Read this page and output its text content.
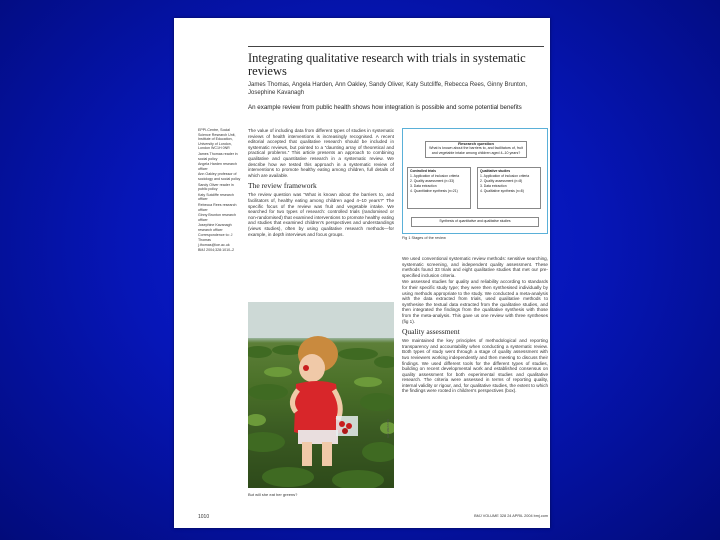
Integrating qualitative research with trials in systematic reviews
James Thomas, Angela Harden, Ann Oakley, Sandy Oliver, Katy Sutcliffe, Rebecca Rees, Ginny Brunton, Josephine Kavanagh
An example review from public health shows how integration is possible and some potential benefits
EPPI-Centre, Social Science Research Unit, Institute of Education, University of London, London WC1H 0NR
James Thomas reader in social policy
Angela Harden research officer
Ann Oakley professor of sociology and social policy
Sandy Oliver reader in public policy
Katy Sutcliffe research officer
Rebecca Rees research officer
Ginny Brunton research officer
Josephine Kavanagh research officer
Correspondence to: J Thomas j.thomas@ioe.ac.uk
BMJ 2004;328:1010–2

The value of including data from different types of studies in systematic reviews of health interventions is increasingly recognised. A recent editorial accepted that qualitative research should be included in systematic reviews, but pointed to a “daunting array of theoretical and practical problems.” This article presents an approach to combining qualitative and quantitative research in a systematic review. We describe how we tested this approach in a systematic review of interventions to promote healthy eating among children, full details of which are available.

The review framework

The review question was “What is known about the barriers to, and facilitators of, healthy eating among children aged 4–10 years?” The specific focus of the review was fruit and vegetable intake. We searched for two types of research: controlled trials (randomised or non-randomised) that examined interventions to promote healthy eating and studies that examined children's perspectives and understandings (views studies), often by using qualitative research methods—for example, in depth interviews and focus groups.

Research question
What is known about the barriers to, and facilitators of, fruit and vegetable intake among children aged 4–10 years?
Controlled trials
1. Application of inclusion criteria
2. Quality assessment (n=33)
3. Data extraction
4. Quantitative synthesis (n=21)
Qualitative studies
1. Application of inclusion criteria
2. Quality assessment (n=8)
3. Data extraction
4. Qualitative synthesis (n=8)
Synthesis of quantitative and qualitative studies
Fig 1 Stages of the review

We used conventional systematic review methods: sensitive searching, systematic screening, and independent quality assessment. These methods found 33 trials and eight qualitative studies that met our pre-specified inclusion criteria.

We assessed studies for quality and reliability according to standards for their specific study type; they were then synthesised individually by using methods appropriate to the study. We conducted a meta-analysis with the data extracted from trials, used qualitative methods to synthesise the textual data extracted from the qualitative studies, and then integrated the findings from the qualitative synthesis with those from the meta-analysis. This gave us one review with three syntheses (fig 1).

Quality assessment

We maintained the key principles of methodological and reporting transparency and accountability when conducting a systematic review. Both types of study went through a stage of quality assessment with two reviewers working independently and then meeting to discuss their findings. We used different tools for the different types of studies, building on recent developmental work and established consensus on quality assessment for both experimental studies and qualitative research. The criteria were assessed in terms of reporting quality, internal validity or rigour, and, for qualitative studies, the extent to which the findings were rooted in children's perspectives (box).

But will she eat her greens?
IAN WEST/PA
1010	BMJ VOLUME 328 24 APRIL 2004 bmj.com
